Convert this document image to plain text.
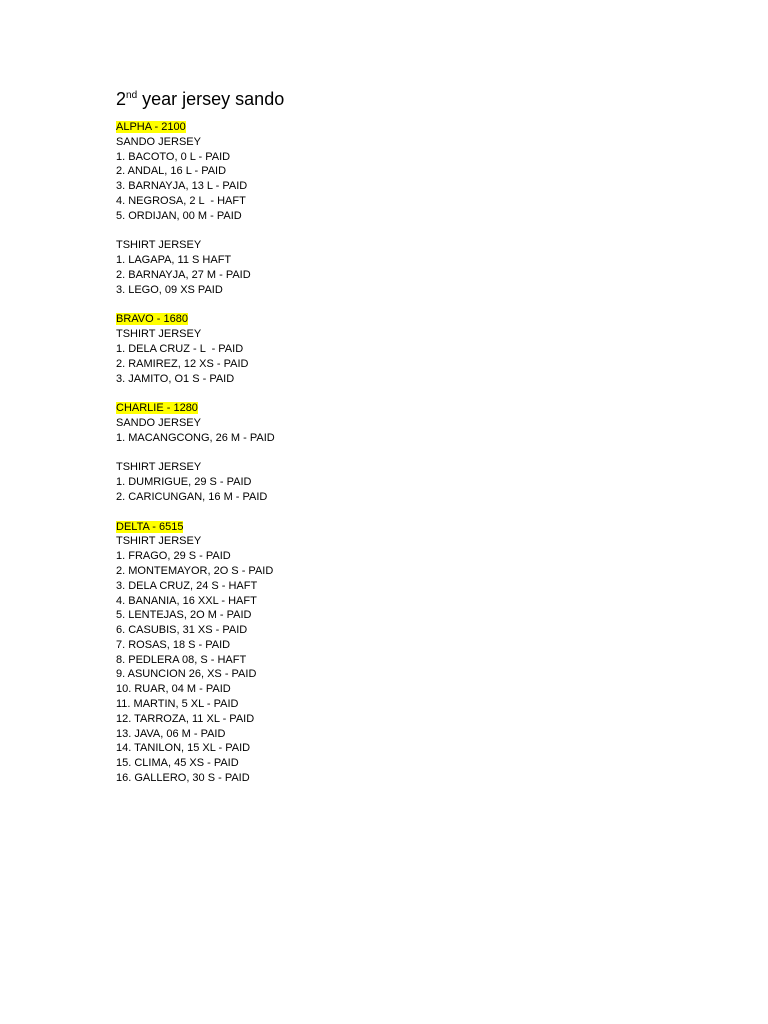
2nd year jersey sando
ALPHA - 2100
SANDO JERSEY
1. BACOTO, 0 L - PAID
2. ANDAL, 16 L - PAID
3. BARNAYJA, 13 L - PAID
4. NEGROSA, 2 L  - HAFT
5. ORDIJAN, 00 M - PAID
TSHIRT JERSEY
1. LAGAPA, 11 S HAFT
2. BARNAYJA, 27 M - PAID
3. LEGO, 09 XS PAID
BRAVO - 1680
TSHIRT JERSEY
1. DELA CRUZ - L  - PAID
2. RAMIREZ, 12 XS - PAID
3. JAMITO, O1 S - PAID
CHARLIE - 1280
SANDO JERSEY
1. MACANGCONG, 26 M - PAID
TSHIRT JERSEY
1. DUMRIGUE, 29 S - PAID
2. CARICUNGAN, 16 M - PAID
DELTA - 6515
TSHIRT JERSEY
1. FRAGO, 29 S - PAID
2. MONTEMAYOR, 2O S - PAID
3. DELA CRUZ, 24 S - HAFT
4. BANANIA, 16 XXL - HAFT
5. LENTEJAS, 2O M - PAID
6. CASUBIS, 31 XS - PAID
7. ROSAS, 18 S - PAID
8. PEDLERA 08, S - HAFT
9. ASUNCION 26, XS - PAID
10. RUAR, 04 M - PAID
11. MARTIN, 5 XL - PAID
12. TARROZA, 11 XL - PAID
13. JAVA, 06 M - PAID
14. TANILON, 15 XL - PAID
15. CLIMA, 45 XS - PAID
16. GALLERO, 30 S - PAID
